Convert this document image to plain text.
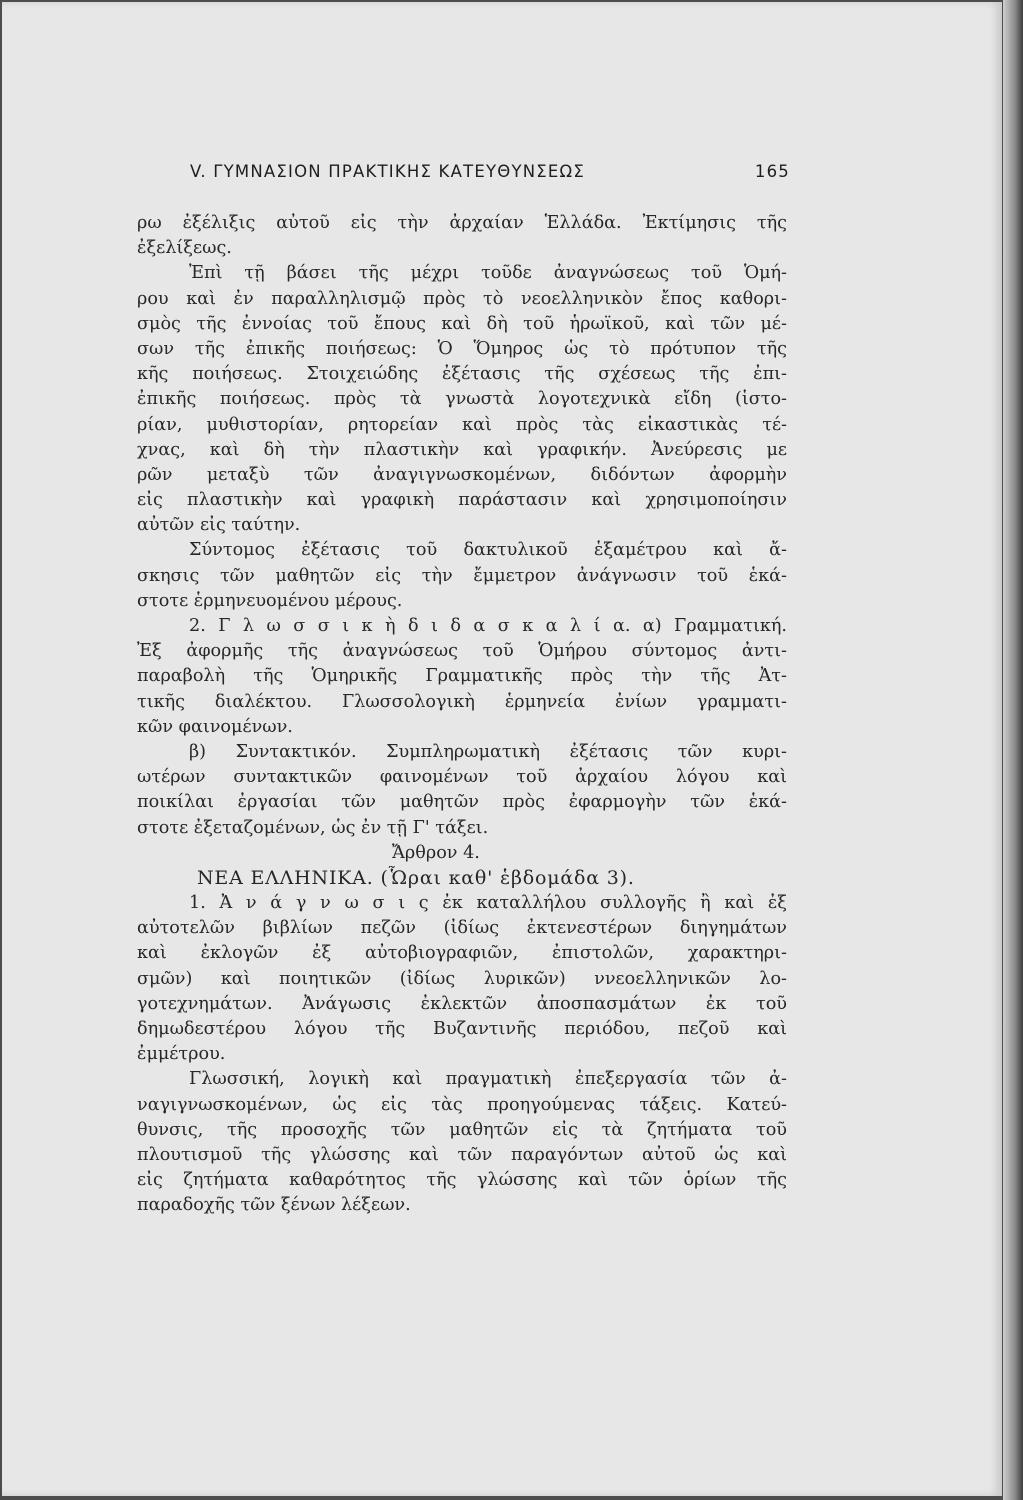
V. ΓΥΜΝΑΣΙΟΝ ΠΡΑΚΤΙΚΗΣ ΚΑΤΕΥΘΥΝΣΕΩΣ	165
ρω ἐξέλιξις αὐτοῦ εἰς τὴν ἀρχαίαν Ἑλλάδα. Ἐκτίμησις τῆς
ἐξελίξεως.
Ἐπὶ τῇ βάσει τῆς μέχρι τοῦδε ἀναγνώσεως τοῦ Ὁμή-
ρου καὶ ἐν παραλληλισμῷ πρὸς τὸ νεοελληνικὸν ἔπος καθορι-
σμὸς τῆς ἐννοίας τοῦ ἔπους καὶ δὴ τοῦ ἡρωϊκοῦ, καὶ τῶν μέ-
σων τῆς ἐπικῆς ποιήσεως: Ὁ Ὅμηρος ὡς τὸ πρότυπον τῆς
κῆς ποιήσεως. Στοιχειώδης ἐξέτασις τῆς σχέσεως τῆς ἐπι-
ἐπικῆς ποιήσεως. πρὸς τὰ γνωστὰ λογοτεχνικὰ εἴδη (ἱστο-
ρίαν, μυθιστορίαν, ρητορείαν καὶ πρὸς τὰς εἰκαστικὰς τέ-
χνας, καὶ δὴ τὴν πλαστικὴν καὶ γραφικήν. Ἀνεύρεσις με
ρῶν μεταξὺ τῶν ἀναγιγνωσκομένων, διδόντων ἀφορμὴν
εἰς πλαστικὴν καὶ γραφικὴ παράστασιν καὶ χρησιμοποίησιν
αὐτῶν εἰς ταύτην.
Σύντομος ἐξέτασις τοῦ δακτυλικοῦ ἑξαμέτρου καὶ ἄ-
σκησις τῶν μαθητῶν εἰς τὴν ἔμμετρον ἀνάγνωσιν τοῦ ἑκά-
στοτε ἑρμηνευομένου μέρους.
2. Γ λ ω σ σ ι κ ὴ δ ι δ α σ κ α λ ί α. α) Γραμματική.
Ἐξ ἀφορμῆς τῆς ἀναγνώσεως τοῦ Ὁμήρου σύντομος ἀντι-
παραβολὴ τῆς Ὁμηρικῆς Γραμματικῆς πρὸς τὴν τῆς Ἀτ-
τικῆς διαλέκτου. Γλωσσολογικὴ ἑρμηνεία ἐνίων γραμματι-
κῶν φαινομένων.
β) Συντακτικόν. Συμπληρωματικὴ ἐξέτασις τῶν κυρι-
ωτέρων συντακτικῶν φαινομένων τοῦ ἀρχαίου λόγου καὶ
ποικίλαι ἐργασίαι τῶν μαθητῶν πρὸς ἐφαρμογὴν τῶν ἑκά-
στοτε ἐξεταζομένων, ὡς ἐν τῇ Γ' τάξει.
Ἄρθρον 4.
ΝΕΑ ΕΛΛΗΝΙΚΑ. (Ὧραι καθ' ἑβδομάδα 3).
1. Ἀ ν ά γ ν ω σ ι ς ἐκ καταλλήλου συλλογῆς ἢ καὶ ἐξ
αὐτοτελῶν βιβλίων πεζῶν (ἰδίως ἐκτενεστέρων διηγημάτων
καὶ ἐκλογῶν ἐξ αὐτοβιογραφιῶν, ἐπιστολῶν, χαρακτηρι-
σμῶν) καὶ ποιητικῶν (ἰδίως λυρικῶν) ννεοελληνικῶν λο-
γοτεχνημάτων. Ἀνάγωσις ἐκλεκτῶν ἀποσπασμάτων ἐκ τοῦ
δημωδεστέρου λόγου τῆς Βυζαντινῆς περιόδου, πεζοῦ καὶ
ἐμμέτρου.
Γλωσσική, λογικὴ καὶ πραγματικὴ ἐπεξεργασία τῶν ἀ-
ναγιγνωσκομένων, ὡς εἰς τὰς προηγούμενας τάξεις. Κατεύ-
θυνσις, τῆς προσοχῆς τῶν μαθητῶν εἰς τὰ ζητήματα τοῦ
πλουτισμοῦ τῆς γλώσσης καὶ τῶν παραγόντων αὐτοῦ ὡς καὶ
εἰς ζητήματα καθαρότητος τῆς γλώσσης καὶ τῶν ὁρίων τῆς
παραδοχῆς τῶν ξένων λέξεων.
